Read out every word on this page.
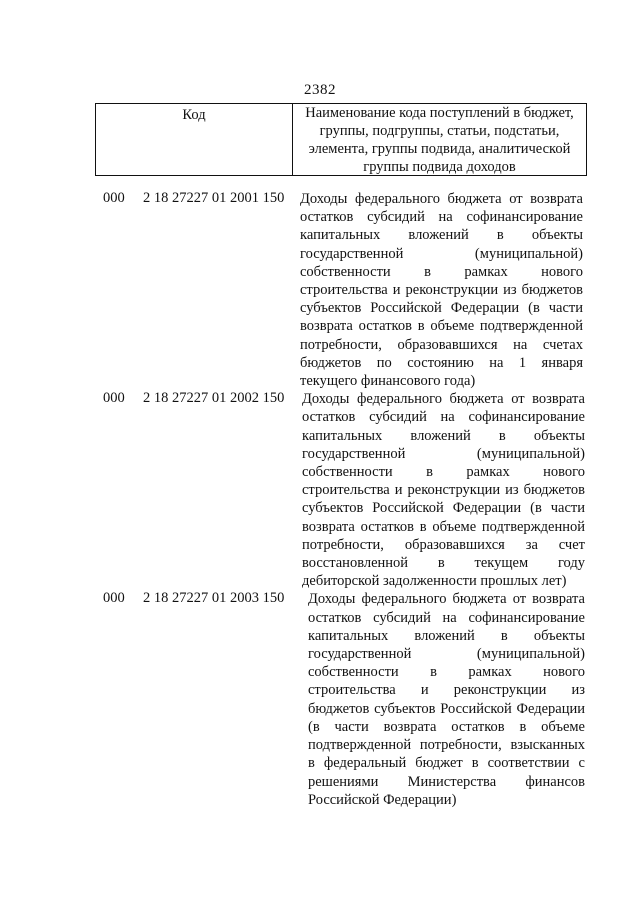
2382
Код	Наименование кода поступлений в бюджет, группы, подгруппы, статьи, подстатьи, элемента, группы подвида, аналитической группы подвида доходов
000 2 18 27227 01 2001 150 Доходы федерального бюджета от возврата остатков субсидий на софинансирование капитальных вложений в объекты государственной (муниципальной) собственности в рамках нового строительства и реконструкции из бюджетов субъектов Российской Федерации (в части возврата остатков в объеме подтвержденной потребности, образовавшихся на счетах бюджетов по состоянию на 1 января текущего финансового года)
000 2 18 27227 01 2002 150 Доходы федерального бюджета от возврата остатков субсидий на софинансирование капитальных вложений в объекты государственной (муниципальной) собственности в рамках нового строительства и реконструкции из бюджетов субъектов Российской Федерации (в части возврата остатков в объеме подтвержденной потребности, образовавшихся за счет восстановленной в текущем году дебиторской задолженности прошлых лет)
000 2 18 27227 01 2003 150 Доходы федерального бюджета от возврата остатков субсидий на софинансирование капитальных вложений в объекты государственной (муниципальной) собственности в рамках нового строительства и реконструкции из бюджетов субъектов Российской Федерации (в части возврата остатков в объеме подтвержденной потребности, взысканных в федеральный бюджет в соответствии с решениями Министерства финансов Российской Федерации)
